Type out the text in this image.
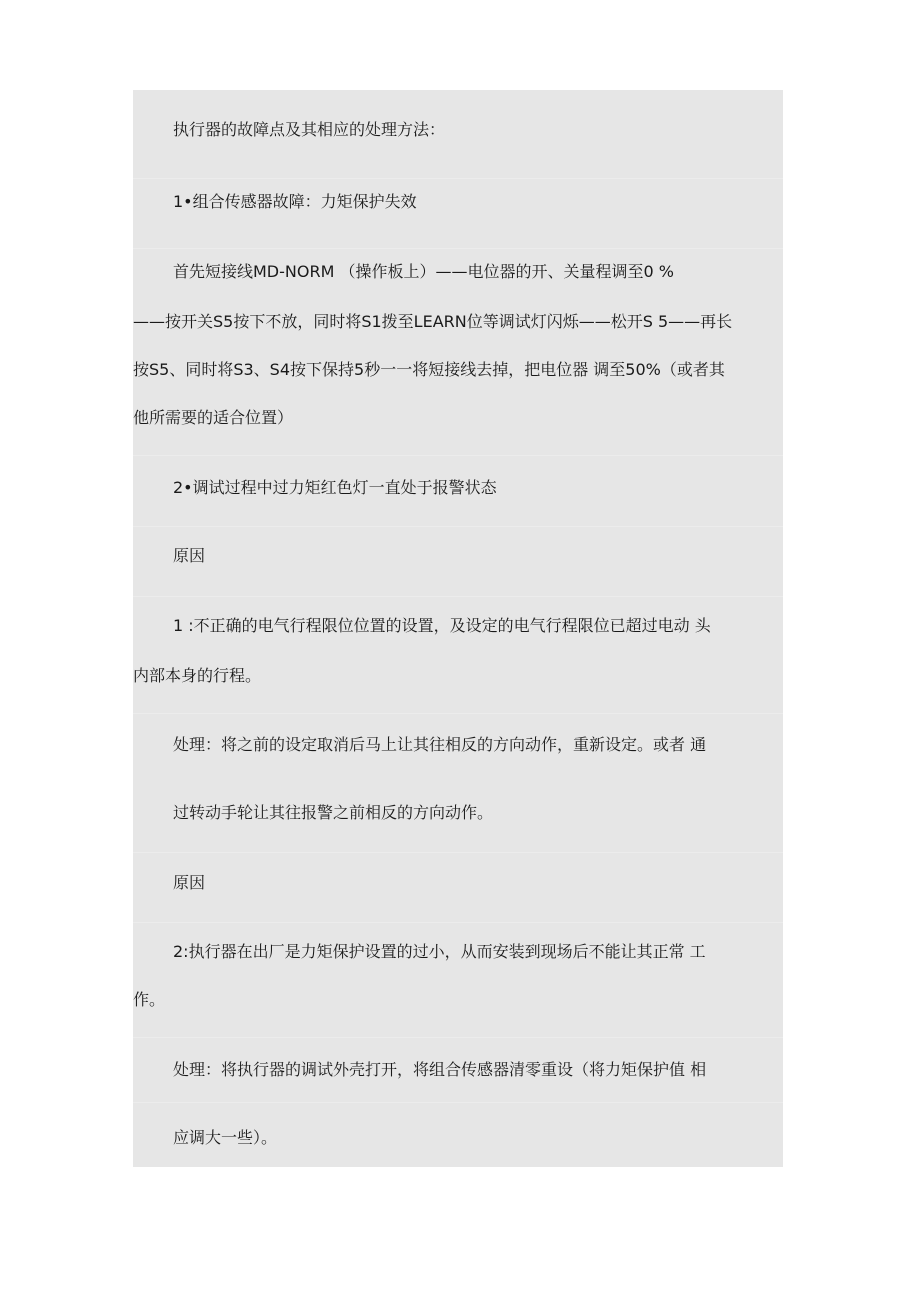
执行器的故障点及其相应的处理方法：
1•组合传感器故障：力矩保护失效
首先短接线MD-NORM （操作板上）——电位器的开、关量程调至0 %
——按开关S5按下不放，同时将S1拨至LEARN位等调试灯闪烁——松开S 5——再长
按S5、同时将S3、S4按下保持5秒一一将短接线去掉，把电位器 调至50%（或者其
他所需要的适合位置）
2•调试过程中过力矩红色灯一直处于报警状态
原因
1 :不正确的电气行程限位位置的设置，及设定的电气行程限位已超过电动 头
内部本身的行程。
处理：将之前的设定取消后马上让其往相反的方向动作，重新设定。或者 通
过转动手轮让其往报警之前相反的方向动作。
原因
2:执行器在出厂是力矩保护设置的过小，从而安装到现场后不能让其正常 工
作。
处理：将执行器的调试外壳打开，将组合传感器清零重设（将力矩保护值 相
应调大一些）。
